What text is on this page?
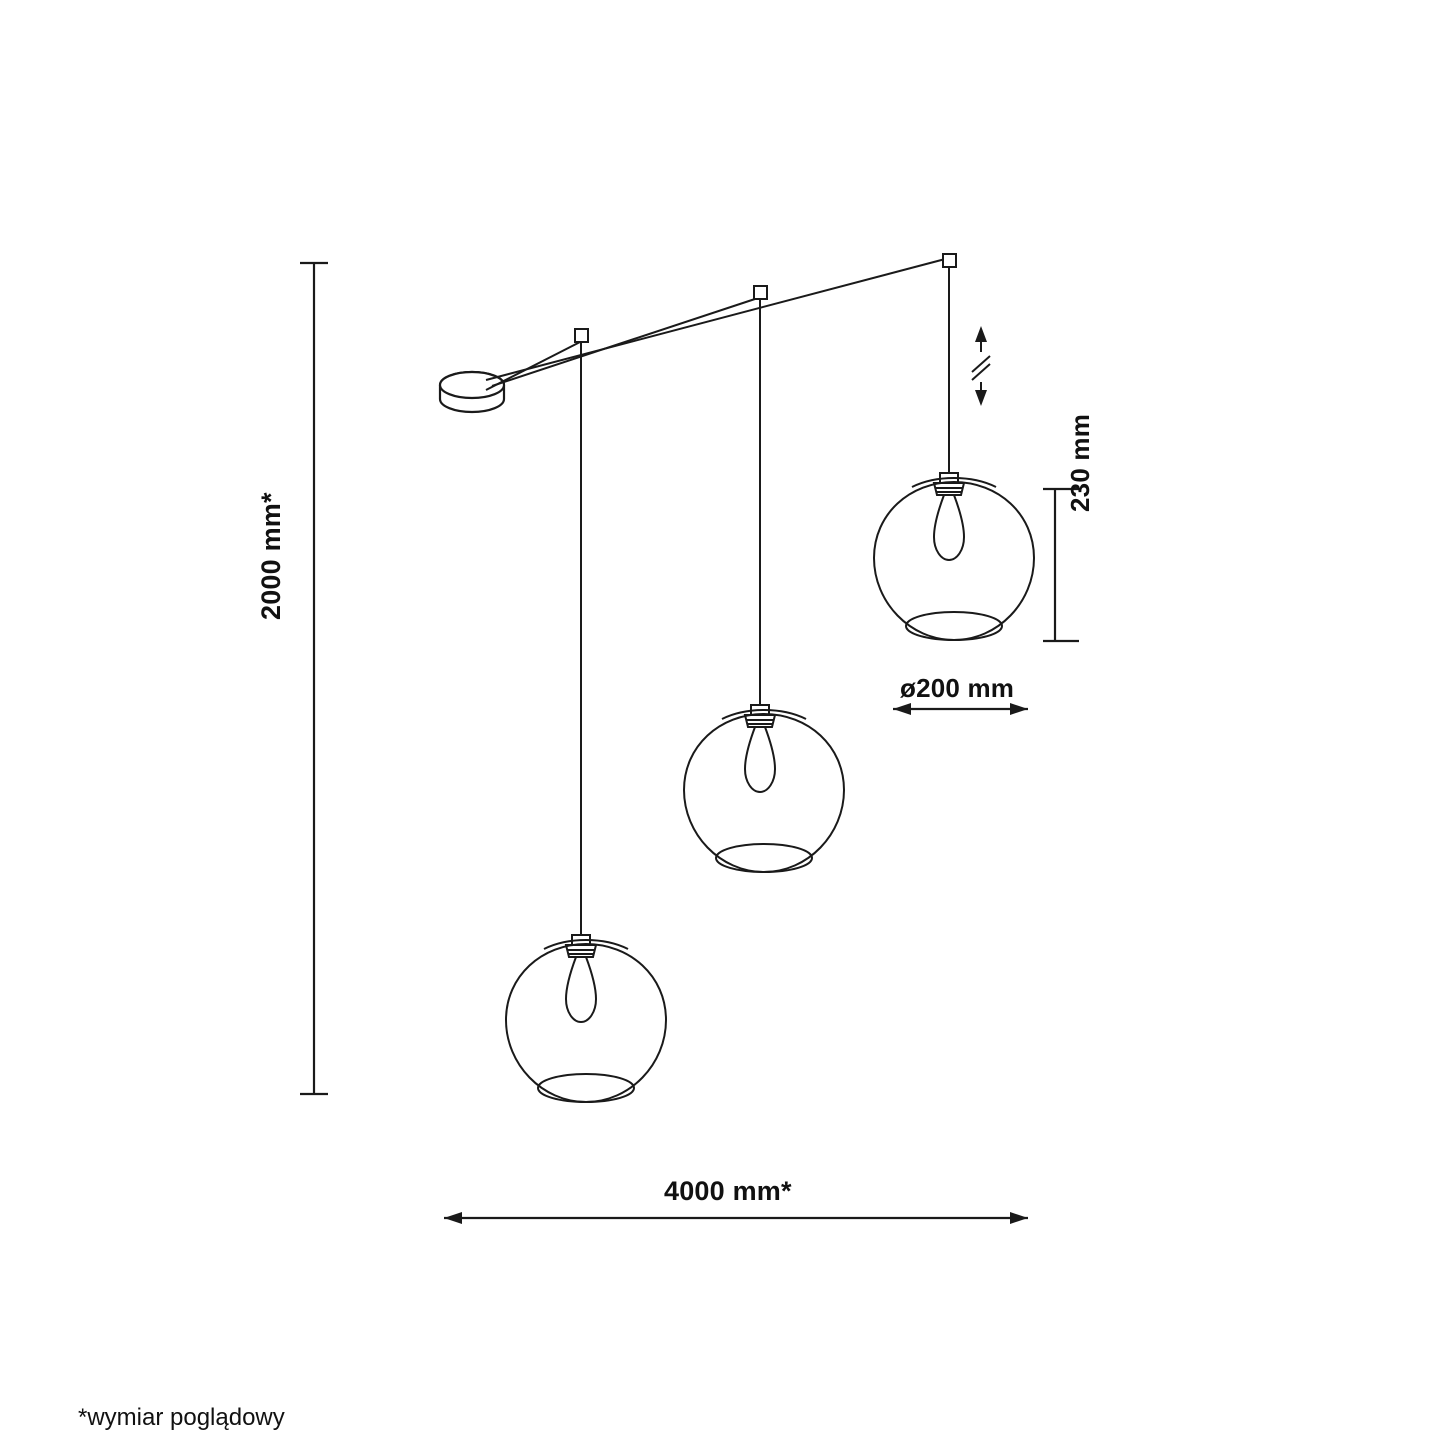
2000 mm*
4000 mm*
230 mm
ø200 mm
*wymiar poglądowy
